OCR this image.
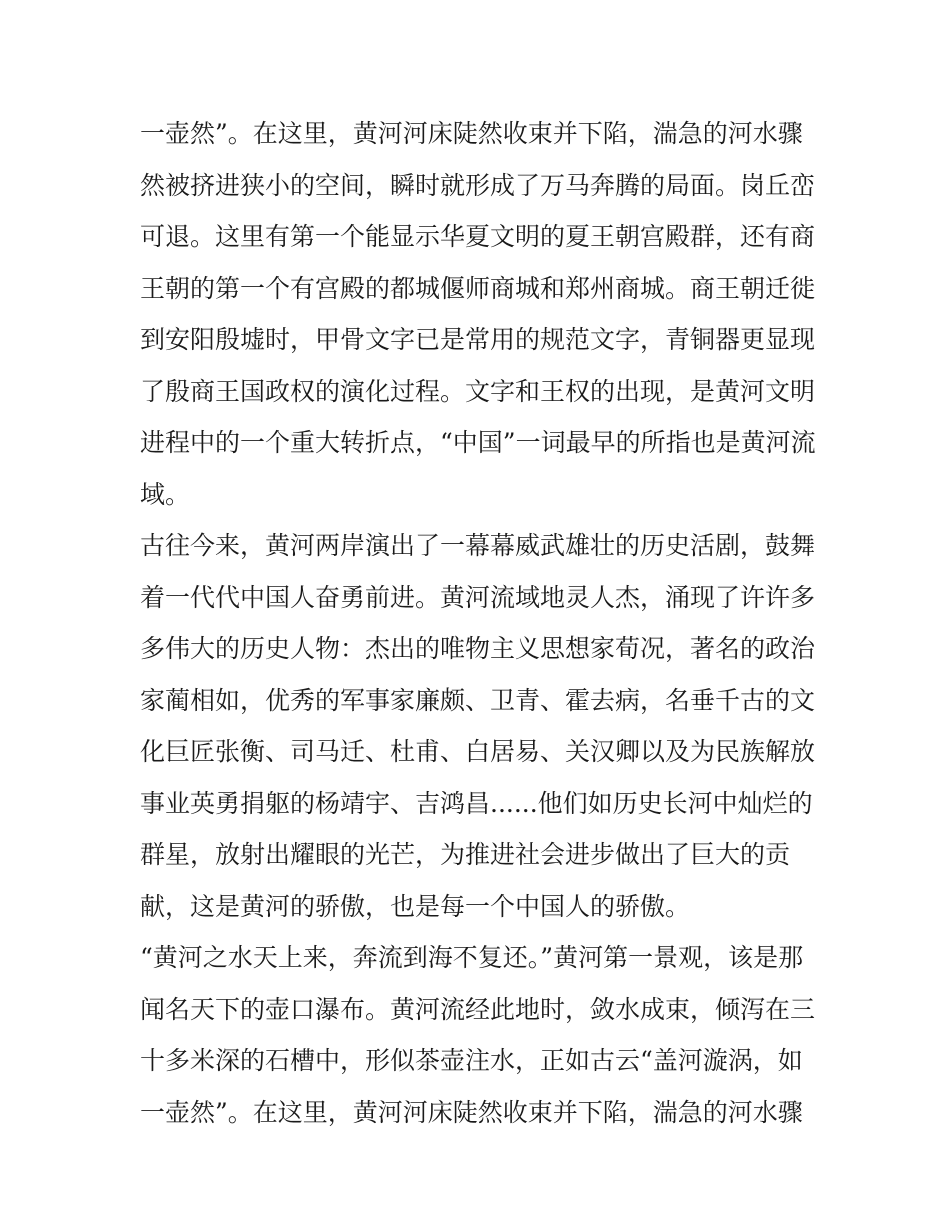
一壶然”。在这里，黄河河床陡然收束并下陷，湍急的河水骤
然被挤进狭小的空间，瞬时就形成了万马奔腾的局面。岗丘峦
可退。这里有第一个能显示华夏文明的夏王朝宫殿群，还有商
王朝的第一个有宫殿的都城偃师商城和郑州商城。商王朝迁徙
到安阳殷墟时，甲骨文字已是常用的规范文字，青铜器更显现
了殷商王国政权的演化过程。文字和王权的出现，是黄河文明
进程中的一个重大转折点，“中国”一词最早的所指也是黄河流
域。
古往今来，黄河两岸演出了一幕幕威武雄壮的历史活剧，鼓舞
着一代代中国人奋勇前进。黄河流域地灵人杰，涌现了许许多
多伟大的历史人物：杰出的唯物主义思想家荀况，著名的政治
家蔺相如，优秀的军事家廉颇、卫青、霍去病，名垂千古的文
化巨匠张衡、司马迁、杜甫、白居易、关汉卿以及为民族解放
事业英勇捐躯的杨靖宇、吉鸿昌......他们如历史长河中灿烂的
群星，放射出耀眼的光芒，为推进社会进步做出了巨大的贡
献，这是黄河的骄傲，也是每一个中国人的骄傲。
“黄河之水天上来，奔流到海不复还。”黄河第一景观，该是那
闻名天下的壶口瀑布。黄河流经此地时，敛水成束，倾泻在三
十多米深的石槽中，形似茶壶注水，正如古云“盖河漩涡，如
一壶然”。在这里，黄河河床陡然收束并下陷，湍急的河水骤
